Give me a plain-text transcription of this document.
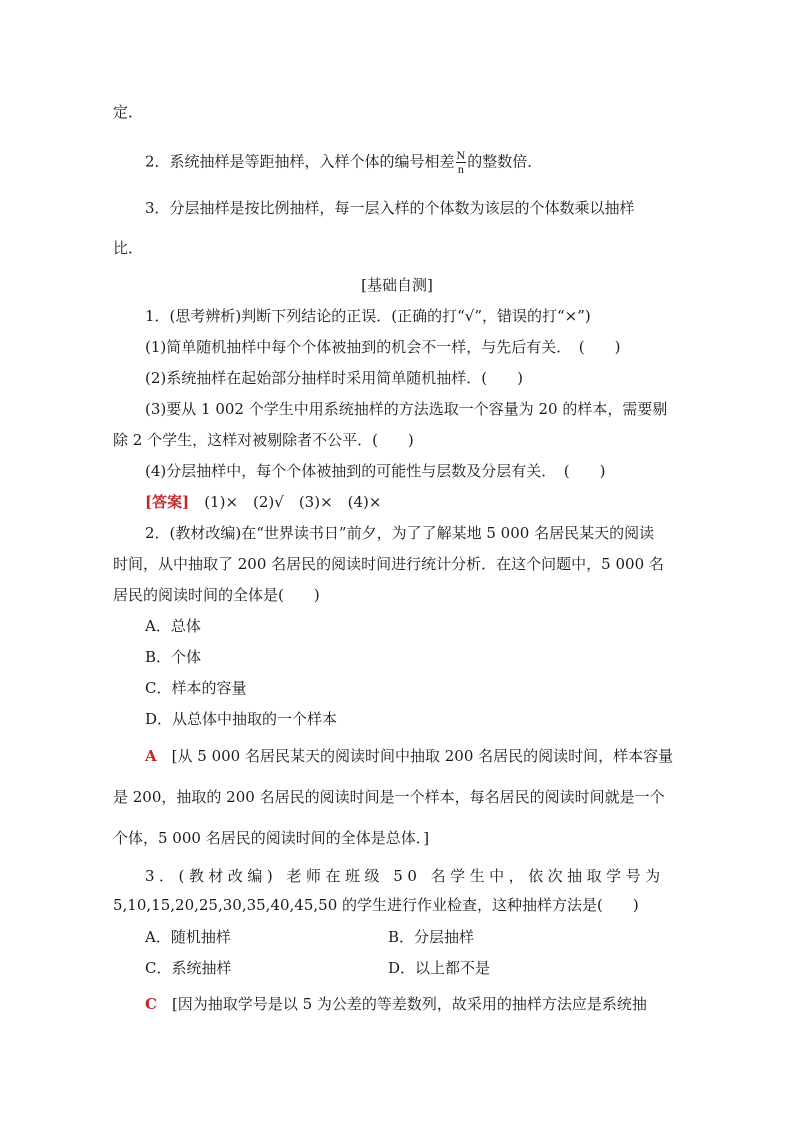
定．
2．系统抽样是等距抽样，入样个体的编号相差 $\frac{N}{n}$ 的整数倍．
3．分层抽样是按比例抽样，每一层入样的个体数为该层的个体数乘以抽样
比．
[基础自测]
1．(思考辨析)判断下列结论的正误．(正确的打“√”，错误的打“×”)
(1)简单随机抽样中每个个体被抽到的机会不一样，与先后有关．　(　　)
(2)系统抽样在起始部分抽样时采用简单随机抽样．(　　)
(3)要从 1 002 个学生中用系统抽样的方法选取一个容量为 20 的样本，需要剔
除 2 个学生，这样对被剔除者不公平．(　　)
(4)分层抽样中，每个个体被抽到的可能性与层数及分层有关．　(　　)
[答案]　(1)×　(2)√　(3)×　(4)×
2．(教材改编)在“世界读书日”前夕，为了了解某地 5 000 名居民某天的阅读
时间，从中抽取了 200 名居民的阅读时间进行统计分析．在这个问题中，5 000 名
居民的阅读时间的全体是(　　)
A．总体
B．个体
C．样本的容量
D．从总体中抽取的一个样本
A　[从 5 000 名居民某天的阅读时间中抽取 200 名居民的阅读时间，样本容量
是 200，抽取的 200 名居民的阅读时间是一个样本，每名居民的阅读时间就是一个
个体，5 000 名居民的阅读时间的全体是总体．]
3．(教材改编) 老师在班级 50 名学生中，依次抽取学号为
5,10,15,20,25,30,35,40,45,50 的学生进行作业检查，这种抽样方法是(　　)
A．随机抽样	B．分层抽样
C．系统抽样	D．以上都不是
C　[因为抽取学号是以 5 为公差的等差数列，故采用的抽样方法应是系统抽
